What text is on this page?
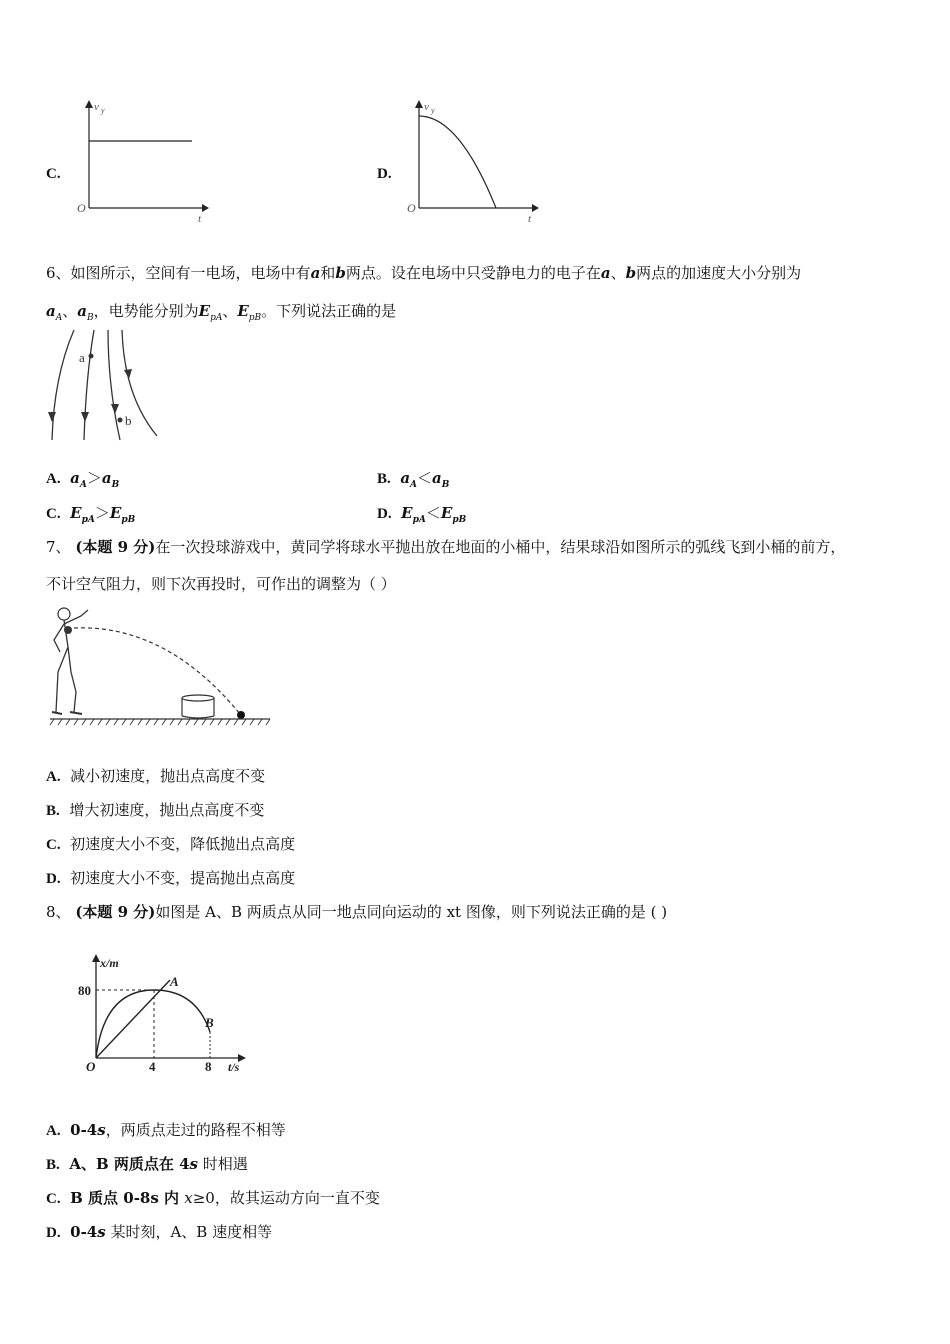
C.
v y
O
t
D.
v y
O
t
6、如图所示，空间有一电场，电场中有a和b两点。设在电场中只受静电力的电子在a、b两点的加速度大小分别为
$a_A$、$a_B$，电势能分别为$E_{pA}$、$E_{pB}$。下列说法正确的是
a
b
A. $a_A>a_B$	B. $a_A<a_B$
C. $E_{pA}>E_{pB}$	D. $E_{pA}<E_{pB}$
7、 (本题 9 分)在一次投球游戏中，黄同学将球水平抛出放在地面的小桶中，结果球沿如图所示的弧线飞到小桶的前方，
不计空气阻力，则下次再投时，可作出的调整为（ ）
A. 减小初速度，抛出点高度不变
B. 增大初速度，抛出点高度不变
C. 初速度大小不变，降低抛出点高度
D. 初速度大小不变，提高抛出点高度
8、 (本题 9 分)如图是 A、B 两质点从同一地点同向运动的 xt 图像，则下列说法正确的是 ( )
x/m
80
O	4	8 t/s
A
B
A. 0-4s，两质点走过的路程不相等
B. A、B 两质点在 4s 时相遇
C. B 质点 0-8s 内 x≥0，故其运动方向一直不变
D. 0-4s 某时刻，A、B 速度相等
